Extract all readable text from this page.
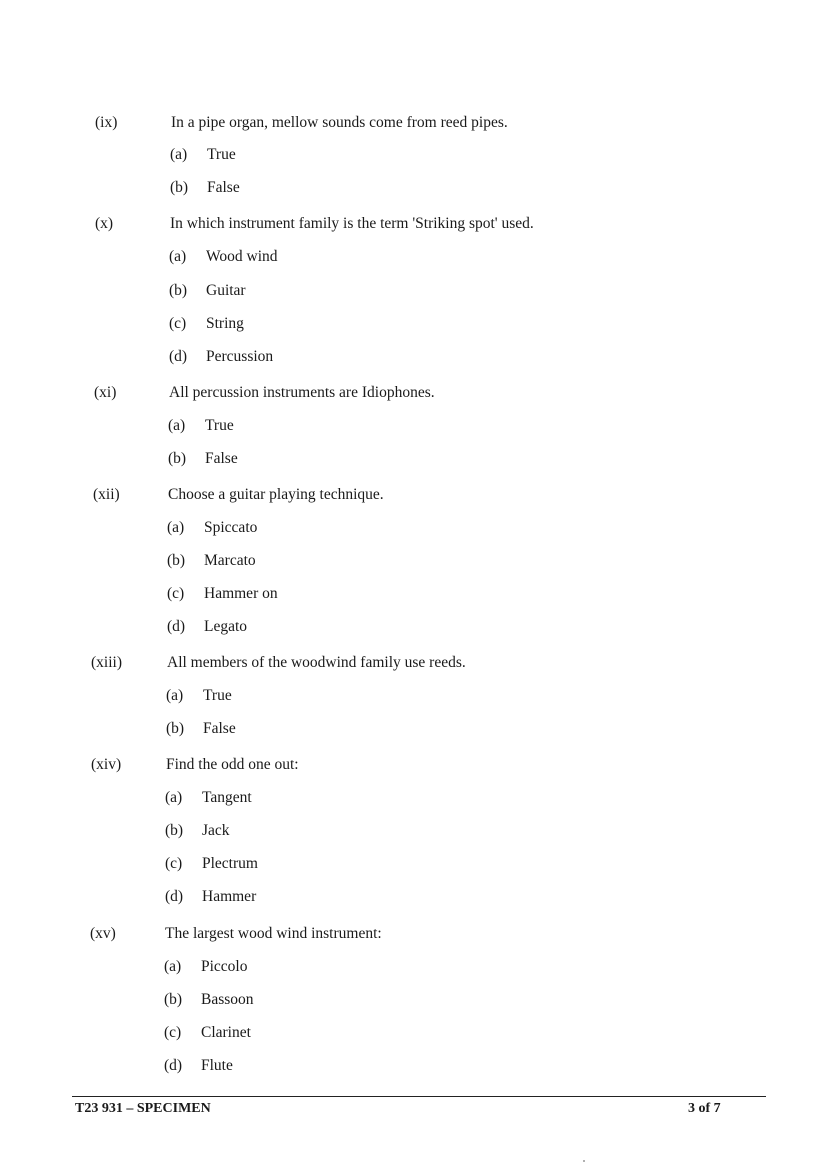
(ix)	In a pipe organ, mellow sounds come from reed pipes.
(a) True
(b) False
(x)	In which instrument family is the term 'Striking spot' used.
(a) Wood wind
(b) Guitar
(c) String
(d) Percussion
(xi)	All percussion instruments are Idiophones.
(a) True
(b) False
(xii)	Choose a guitar playing technique.
(a) Spiccato
(b) Marcato
(c) Hammer on
(d) Legato
(xiii)	All members of the woodwind family use reeds.
(a) True
(b) False
(xiv)	Find the odd one out:
(a) Tangent
(b) Jack
(c) Plectrum
(d) Hammer
(xv)	The largest wood wind instrument:
(a) Piccolo
(b) Bassoon
(c) Clarinet
(d) Flute
T23 931 – SPECIMEN	3 of 7
